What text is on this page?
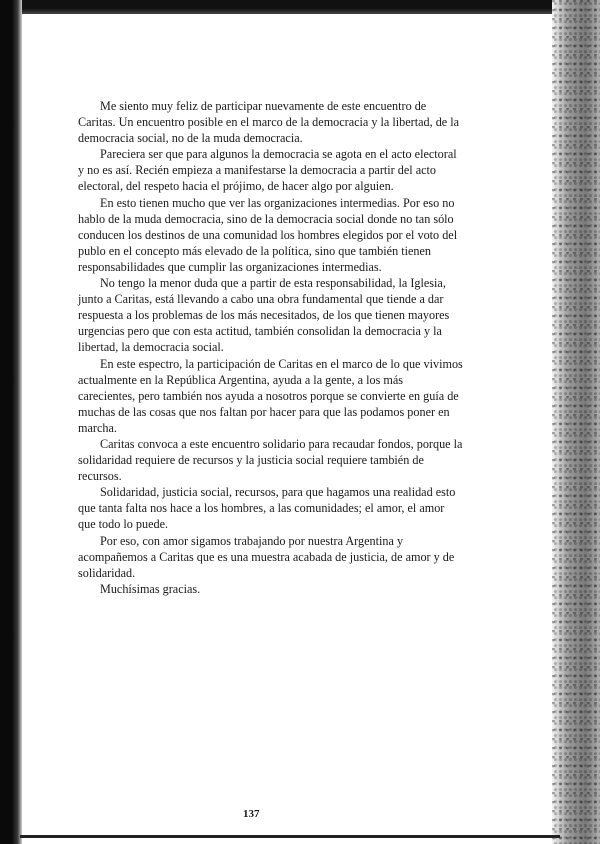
Me siento muy feliz de participar nuevamente de este encuentro de Caritas. Un encuentro posible en el marco de la democracia y la libertad, de la democracia social, no de la muda democracia.

Pareciera ser que para algunos la democracia se agota en el acto electoral y no es así. Recién empieza a manifestarse la democracia a partir del acto electoral, del respeto hacia el prójimo, de hacer algo por alguien.

En esto tienen mucho que ver las organizaciones intermedias. Por eso no hablo de la muda democracia, sino de la democracia social donde no tan sólo conducen los destinos de una comunidad los hombres elegidos por el voto del publo en el concepto más elevado de la política, sino que también tienen responsabilidades que cumplir las organizaciones intermedias.

No tengo la menor duda que a partir de esta responsabilidad, la Iglesia, junto a Caritas, está llevando a cabo una obra fundamental que tiende a dar respuesta a los problemas de los más necesitados, de los que tienen mayores urgencias pero que con esta actitud, también consolidan la democracia y la libertad, la democracia social.

En este espectro, la participación de Caritas en el marco de lo que vivimos actualmente en la República Argentina, ayuda a la gente, a los más carecientes, pero también nos ayuda a nosotros porque se convierte en guía de muchas de las cosas que nos faltan por hacer para que las podamos poner en marcha.

Caritas convoca a este encuentro solidario para recaudar fondos, porque la solidaridad requiere de recursos y la justicia social requiere también de recursos.

Solidaridad, justicia social, recursos, para que hagamos una realidad esto que tanta falta nos hace a los hombres, a las comunidades; el amor, el amor que todo lo puede.

Por eso, con amor sigamos trabajando por nuestra Argentina y acompañemos a Caritas que es una muestra acabada de justicia, de amor y de solidaridad.

Muchísimas gracias.

137
